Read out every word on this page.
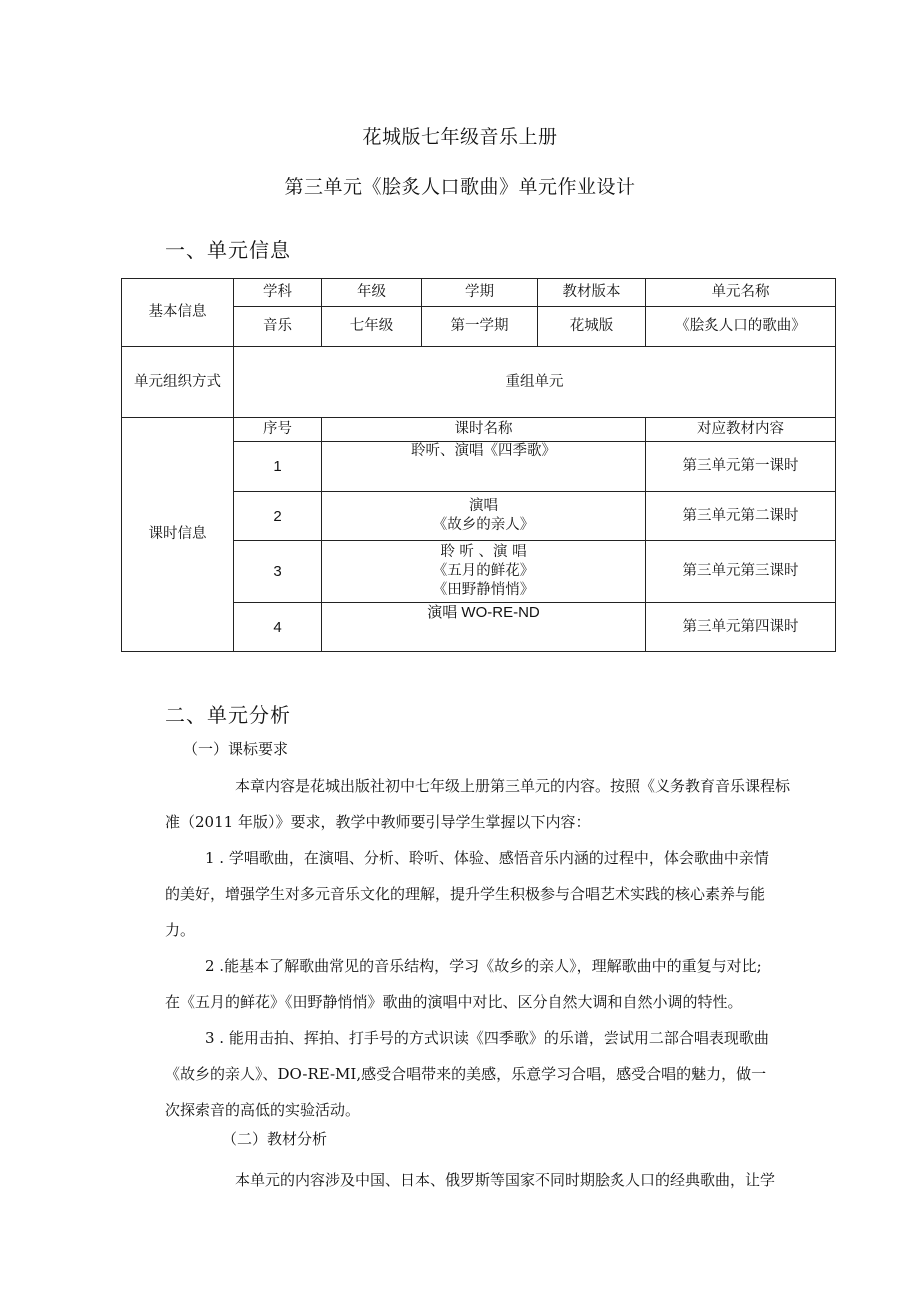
花城版七年级音乐上册
第三单元《脍炙人口歌曲》单元作业设计
一、单元信息
基本信息	学科	年级	学期	教材版本	单元名称
	音乐	七年级	第一学期	花城版	《脍炙人口的歌曲》
单元组织方式	重组单元				
课时信息	序号	课时名称			对应教材内容
	1	聆听、演唱《四季歌》			第三单元第一课时
	2	演唱
《故乡的亲人》			第三单元第二课时
	3	聆 听 、演 唱
《五月的鲜花》
《田野静悄悄》			第三单元第三课时
	4	演唱 WO-RE-ND			第三单元第四课时
二、单元分析
（一）课标要求
本章内容是花城出版社初中七年级上册第三单元的内容。按照《义务教育音乐课程标
准（2011 年版）》要求，教学中教师要引导学生掌握以下内容：
1 . 学唱歌曲，在演唱、分析、聆听、体验、感悟音乐内涵的过程中，体会歌曲中亲情
的美好，增强学生对多元音乐文化的理解，提升学生积极参与合唱艺术实践的核心素养与能
力。
2 .能基本了解歌曲常见的音乐结构，学习《故乡的亲人》，理解歌曲中的重复与对比;
在《五月的鲜花》《田野静悄悄》歌曲的演唱中对比、区分自然大调和自然小调的特性。
3 . 能用击拍、挥拍、打手号的方式识读《四季歌》的乐谱，尝试用二部合唱表现歌曲
《故乡的亲人》、DO-RE-MI,感受合唱带来的美感，乐意学习合唱，感受合唱的魅力，做一
次探索音的高低的实验活动。
（二）教材分析
本单元的内容涉及中国、日本、俄罗斯等国家不同时期脍炙人口的经典歌曲，让学
